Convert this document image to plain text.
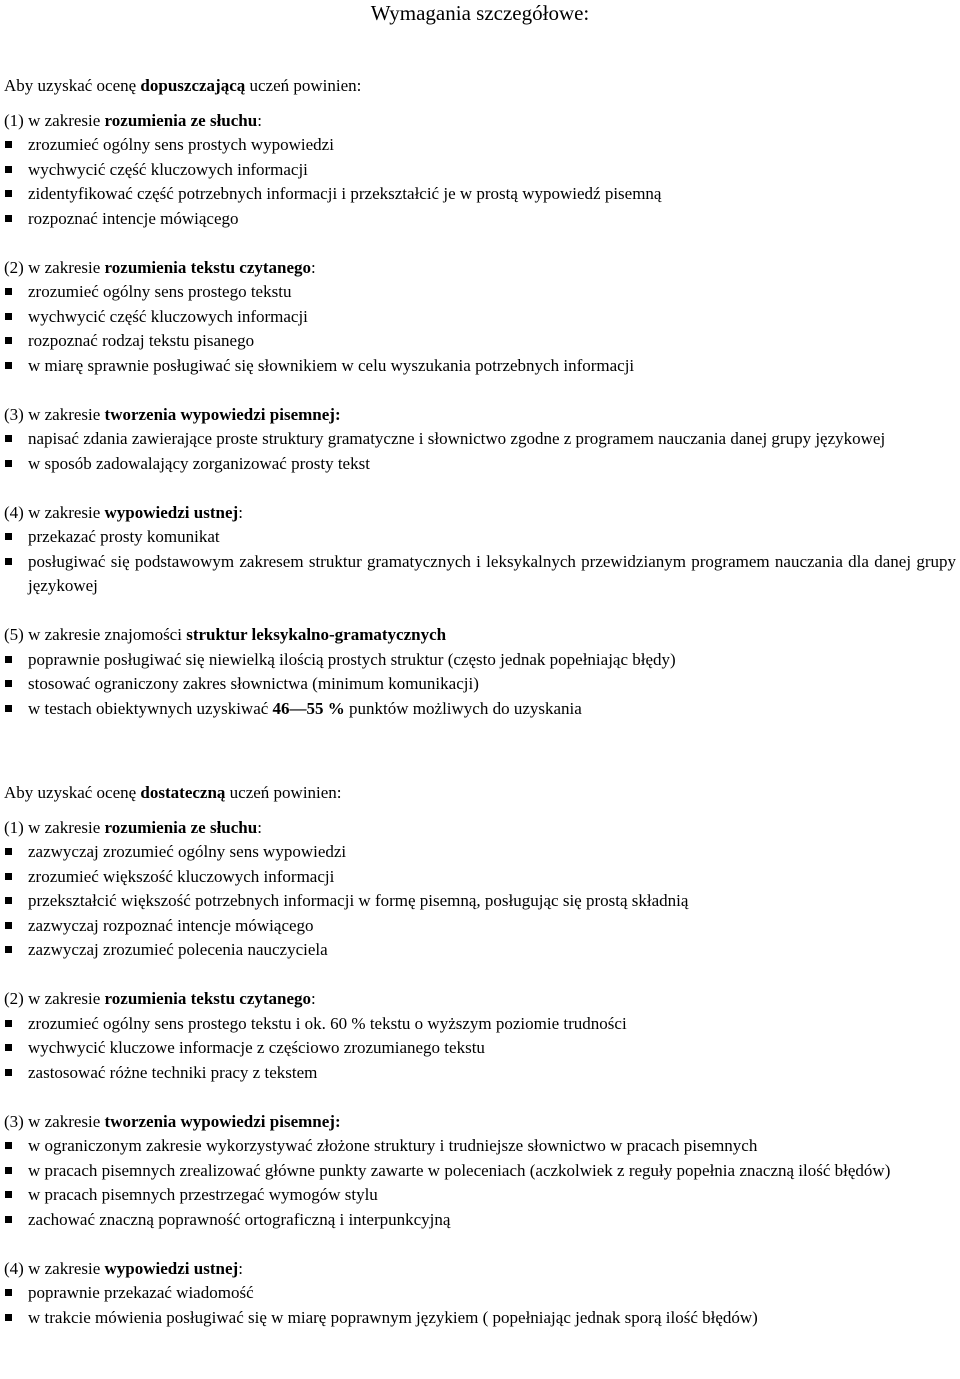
Wymagania szczegółowe:
Aby uzyskać ocenę dopuszczającą uczeń powinien:
(1) w zakresie rozumienia ze słuchu:
zrozumieć ogólny sens prostych wypowiedzi
wychwycić część kluczowych informacji
zidentyfikować część potrzebnych informacji i przekształcić je w prostą wypowiedź pisemną
rozpoznać intencje mówiącego
(2) w zakresie rozumienia tekstu czytanego:
zrozumieć ogólny sens prostego tekstu
wychwycić część kluczowych informacji
rozpoznać rodzaj tekstu pisanego
w miarę sprawnie posługiwać się słownikiem w celu wyszukania potrzebnych informacji
(3) w zakresie tworzenia wypowiedzi pisemnej:
napisać zdania zawierające proste struktury gramatyczne i słownictwo zgodne z programem nauczania danej grupy językowej
w sposób zadowalający zorganizować prosty tekst
(4) w zakresie wypowiedzi ustnej:
przekazać prosty komunikat
posługiwać się podstawowym zakresem struktur gramatycznych i leksykalnych przewidzianym programem nauczania dla danej grupy językowej
(5) w zakresie znajomości struktur leksykalno-gramatycznych
poprawnie posługiwać się niewielką ilością prostych struktur (często jednak popełniając błędy)
stosować ograniczony zakres słownictwa (minimum komunikacji)
w testach obiektywnych uzyskiwać 46—55 % punktów możliwych do uzyskania
Aby uzyskać ocenę dostateczną uczeń powinien:
(1) w zakresie rozumienia ze słuchu:
zazwyczaj zrozumieć ogólny sens wypowiedzi
zrozumieć większość kluczowych informacji
przekształcić większość potrzebnych informacji w formę pisemną, posługując się prostą składnią
zazwyczaj rozpoznać intencje mówiącego
zazwyczaj zrozumieć polecenia nauczyciela
(2) w zakresie rozumienia tekstu czytanego:
zrozumieć ogólny sens prostego tekstu i ok. 60 % tekstu o wyższym poziomie trudności
wychwycić kluczowe informacje z częściowo zrozumianego tekstu
zastosować różne techniki pracy z tekstem
(3) w zakresie tworzenia wypowiedzi pisemnej:
w ograniczonym zakresie wykorzystywać złożone struktury i trudniejsze słownictwo w pracach pisemnych
w pracach pisemnych zrealizować główne punkty zawarte w poleceniach (aczkolwiek z reguły popełnia znaczną ilość błędów)
w pracach pisemnych przestrzegać wymogów stylu
zachować znaczną poprawność ortograficzną i interpunkcyjną
(4) w zakresie wypowiedzi ustnej:
poprawnie przekazać wiadomość
w trakcie mówienia posługiwać się w miarę poprawnym językiem ( popełniając jednak sporą ilość błędów)
